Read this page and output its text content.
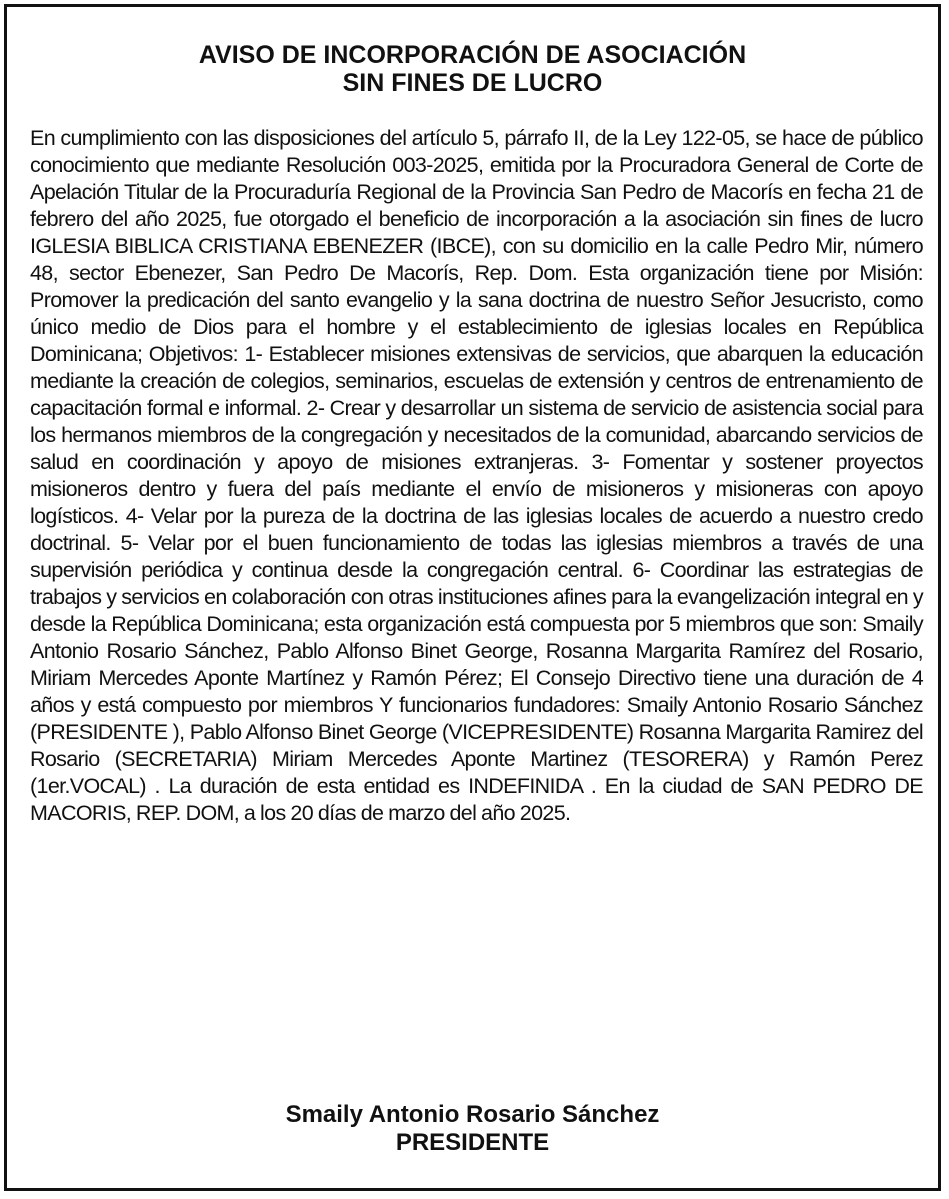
AVISO DE INCORPORACIÓN DE ASOCIACIÓN
SIN FINES DE LUCRO

En cumplimiento con las disposiciones del artículo 5, párrafo II, de la Ley 122-05, se hace de público conocimiento que mediante Resolución 003-2025, emitida por la Procuradora General de Corte de Apelación Titular de la Procuraduría Regional de la Provincia San Pedro de Macorís en fecha 21 de febrero del año 2025, fue otorgado el beneficio de incorporación a la asociación sin fines de lucro IGLESIA BIBLICA CRISTIANA EBENEZER (IBCE), con su domicilio en la calle Pedro Mir, número 48, sector Ebenezer, San Pedro De Macorís, Rep. Dom. Esta organización tiene por Misión: Promover la predicación del santo evangelio y la sana doctrina de nuestro Señor Jesucristo, como único medio de Dios para el hombre y el establecimiento de iglesias locales en República Dominicana; Objetivos: 1- Establecer misiones extensivas de servicios, que abarquen la educación mediante la creación de colegios, seminarios, escuelas de extensión y centros de entrenamiento de capacitación formal e informal. 2- Crear y desarrollar un sistema de servicio de asistencia social para los hermanos miembros de la congregación y necesitados de la comunidad, abarcando servicios de salud en coordinación y apoyo de misiones extranjeras. 3- Fomentar y sostener proyectos misioneros dentro y fuera del país mediante el envío de misioneros y misioneras con apoyo logísticos. 4- Velar por la pureza de la doctrina de las iglesias locales de acuerdo a nuestro credo doctrinal. 5- Velar por el buen funcionamiento de todas las iglesias miembros a través de una supervisión periódica y continua desde la congregación central. 6- Coordinar las estrategias de trabajos y servicios en colaboración con otras instituciones afines para la evangelización integral en y desde la República Dominicana; esta organización está compuesta por 5 miembros que son: Smaily Antonio Rosario Sánchez, Pablo Alfonso Binet George, Rosanna Margarita Ramírez del Rosario, Miriam Mercedes Aponte Martínez y Ramón Pérez; El Consejo Directivo tiene una duración de 4 años y está compuesto por miembros Y funcionarios fundadores: Smaily Antonio Rosario Sánchez (PRESIDENTE ), Pablo Alfonso Binet George (VICEPRESIDENTE) Rosanna Margarita Ramirez del Rosario (SECRETARIA) Miriam Mercedes Aponte Martinez (TESORERA) y Ramón Perez (1er.VOCAL) . La duración de esta entidad es INDEFINIDA . En la ciudad de SAN PEDRO DE MACORIS, REP. DOM, a los 20 días de marzo del año 2025.

Smaily Antonio Rosario Sánchez
PRESIDENTE
